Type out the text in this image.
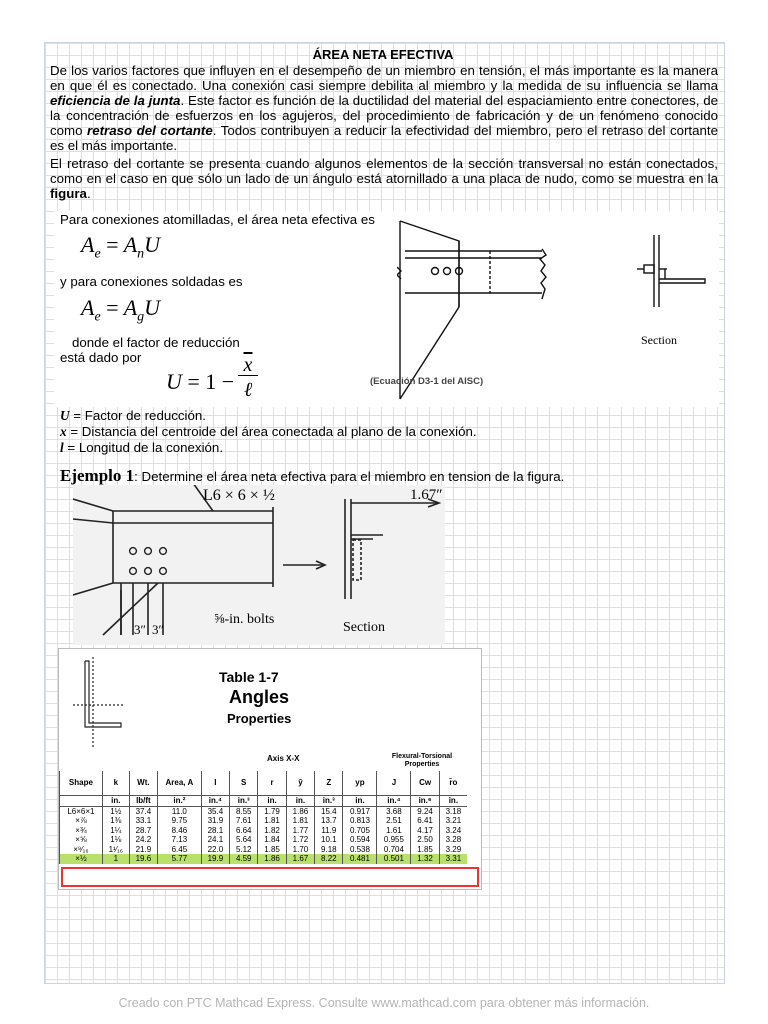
ÁREA NETA EFECTIVA
De los varios factores que influyen en el desempeño de un miembro en tensión, el más importante es la manera en que él es conectado. Una conexión casi siempre debilita al miembro y la medida de su influencia se llama eficiencia de la junta. Este factor es función de la ductilidad del material del espaciamiento entre conectores, de la concentración de esfuerzos en los agujeros, del procedimiento de fabricación y de un fenómeno conocido como retraso del cortante. Todos contribuyen a reducir la efectividad del miembro, pero el retraso del cortante es el más importante.
El retraso del cortante se presenta cuando algunos elementos de la sección transversal no están conectados, como en el caso en que sólo un lado de un ángulo está atornillado a una placa de nudo, como se muestra en la figura.
Para conexiones atomilladas, el área neta efectiva es
$A_e = A_nU$
y para conexiones soldadas es
$A_e = A_gU$
donde el factor de reducción
está dado por
U = 1 −
$\overline{x}$
ℓ
Section
(Ecuación D3-1 del AISC)
U = Factor de reducción.
x = Distancia del centroide del área conectada al plano de la conexión.
l = Longitud de la conexión.
Ejemplo 1: Determine el área neta efectiva para el miembro en tension de la figura.
L6 × 6 × ½	1.67″
3″ 3″
⅝-in. bolts
Section
Table 1-7
Angles
Properties
Axis X-X	Flexural-Torsional Properties
Shape	k	Wt.	Area, A	I	S	r	ȳ	Z	yp	J	Cw	r̄o
	in.	lb/ft	in.²	in.⁴	in.³	in.	in.	in.³	in.	in.⁴	in.⁶	in.
L6×6×1	1½	37.4	11.0	35.4	8.55	1.79	1.86	15.4	0.917	3.68	9.24	3.18
×⅞	1⅜	33.1	9.75	31.9	7.61	1.81	1.81	13.7	0.813	2.51	6.41	3.21
×¾	1¼	28.7	8.46	28.1	6.64	1.82	1.77	11.9	0.705	1.61	4.17	3.24
×⅝	1⅛	24.2	7.13	24.1	5.64	1.84	1.72	10.1	0.594	0.955	2.50	3.28
×⁹⁄₁₆	1¹⁄₁₆	21.9	6.45	22.0	5.12	1.85	1.70	9.18	0.538	0.704	1.85	3.29
×½	1	19.6	5.77	19.9	4.59	1.86	1.67	8.22	0.481	0.501	1.32	3.31
Creado con PTC Mathcad Express. Consulte www.mathcad.com para obtener más información.
